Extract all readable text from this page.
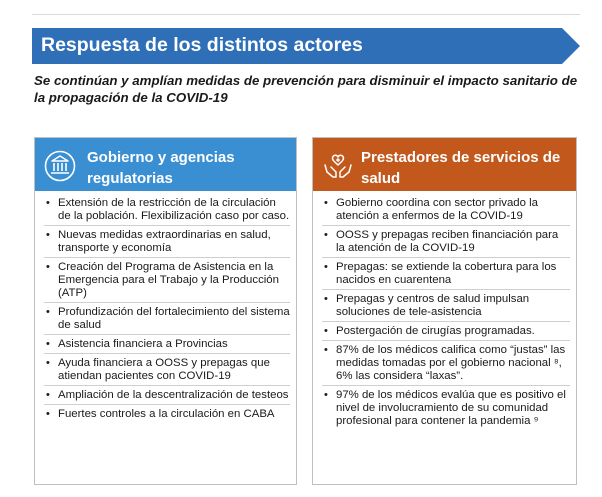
Respuesta de los distintos actores
Se continúan y amplían medidas de prevención para disminuir el impacto sanitario de la propagación de la COVID-19
Gobierno y agencias regulatorias
• Extensión de la restricción de la circulación de la población. Flexibilización caso por caso.
• Nuevas medidas extraordinarias en salud, transporte y economía
• Creación del Programa de Asistencia en la Emergencia para el Trabajo y la Producción (ATP)
• Profundización del fortalecimiento del sistema de salud
• Asistencia financiera a Provincias
• Ayuda financiera a OOSS y prepagas que atiendan pacientes con COVID-19
• Ampliación de la descentralización de testeos
• Fuertes controles a la circulación en CABA
Prestadores de servicios de salud
• Gobierno coordina con sector privado la atención a enfermos de la COVID-19
• OOSS y prepagas reciben financiación para la atención de la COVID-19
• Prepagas: se extiende la cobertura para los nacidos en cuarentena
• Prepagas y centros de salud impulsan soluciones de tele-asistencia
• Postergación de cirugías programadas.
• 87% de los médicos califica como “justas” las medidas tomadas por el gobierno nacional ⁸, 6% las considera “laxas”.
• 97% de los médicos evalúa que es positivo el nivel de involucramiento de su comunidad profesional para contener la pandemia ⁹
